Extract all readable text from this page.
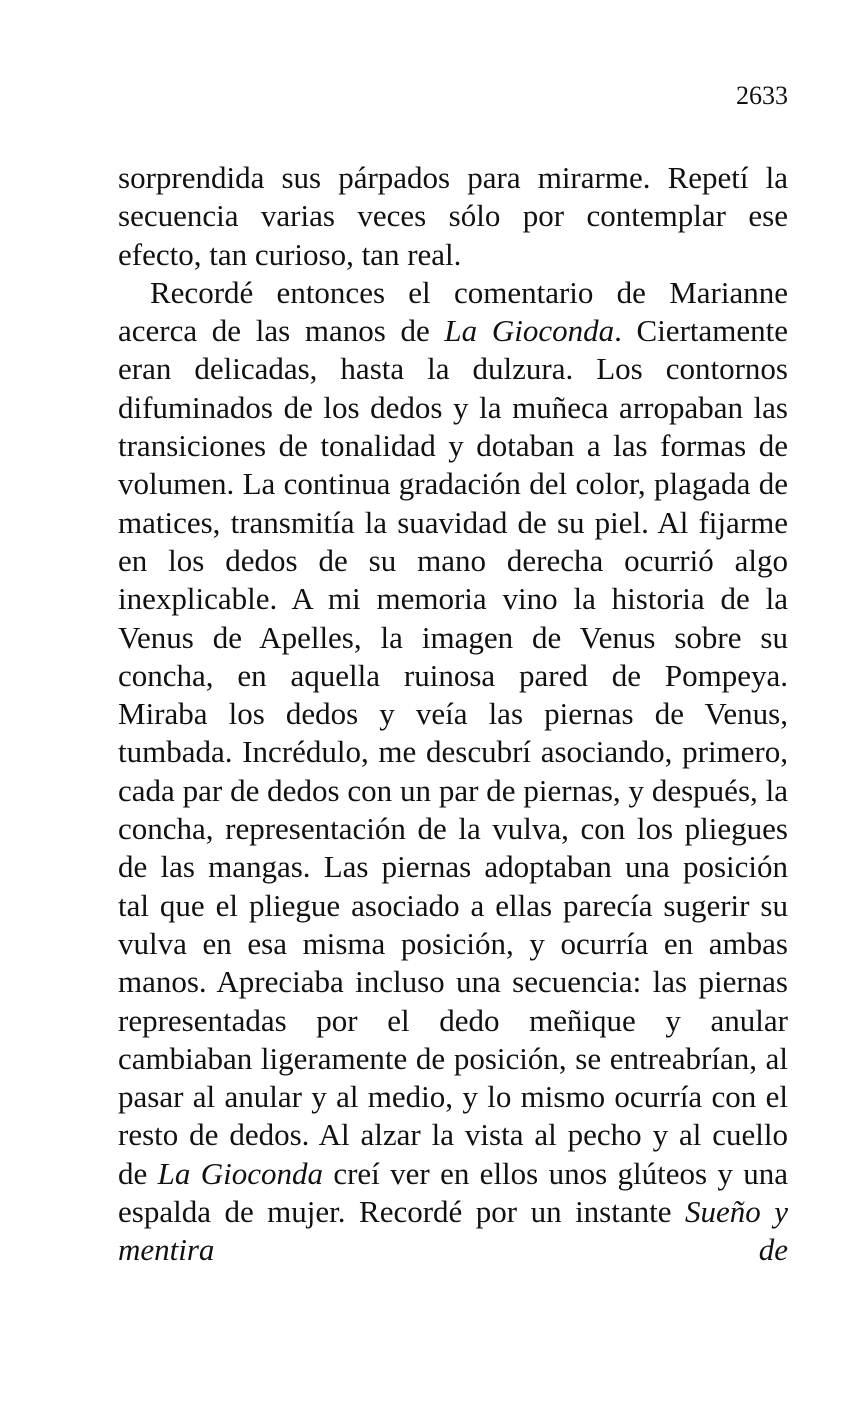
2633

sorprendida sus párpados para mirarme. Repetí la secuencia varias veces sólo por contemplar ese efecto, tan curioso, tan real.

Recordé entonces el comentario de Marianne acerca de las manos de La Gioconda. Ciertamente eran delicadas, hasta la dulzura. Los contornos difuminados de los dedos y la muñeca arropaban las transiciones de tonalidad y dotaban a las formas de volumen. La continua gradación del color, plagada de matices, transmitía la suavidad de su piel. Al fijarme en los dedos de su mano derecha ocurrió algo inexplicable. A mi memoria vino la historia de la Venus de Apelles, la imagen de Venus sobre su concha, en aquella ruinosa pared de Pompeya. Miraba los dedos y veía las piernas de Venus, tumbada. Incrédulo, me descubrí asociando, primero, cada par de dedos con un par de piernas, y después, la concha, representación de la vulva, con los pliegues de las mangas. Las piernas adoptaban una posición tal que el pliegue asociado a ellas parecía sugerir su vulva en esa misma posición, y ocurría en ambas manos. Apreciaba incluso una secuencia: las piernas representadas por el dedo meñique y anular cambiaban ligeramente de posición, se entreabrían, al pasar al anular y al medio, y lo mismo ocurría con el resto de dedos. Al alzar la vista al pecho y al cuello de La Gioconda creí ver en ellos unos glúteos y una espalda de mujer. Recordé por un instante Sueño y mentira de
